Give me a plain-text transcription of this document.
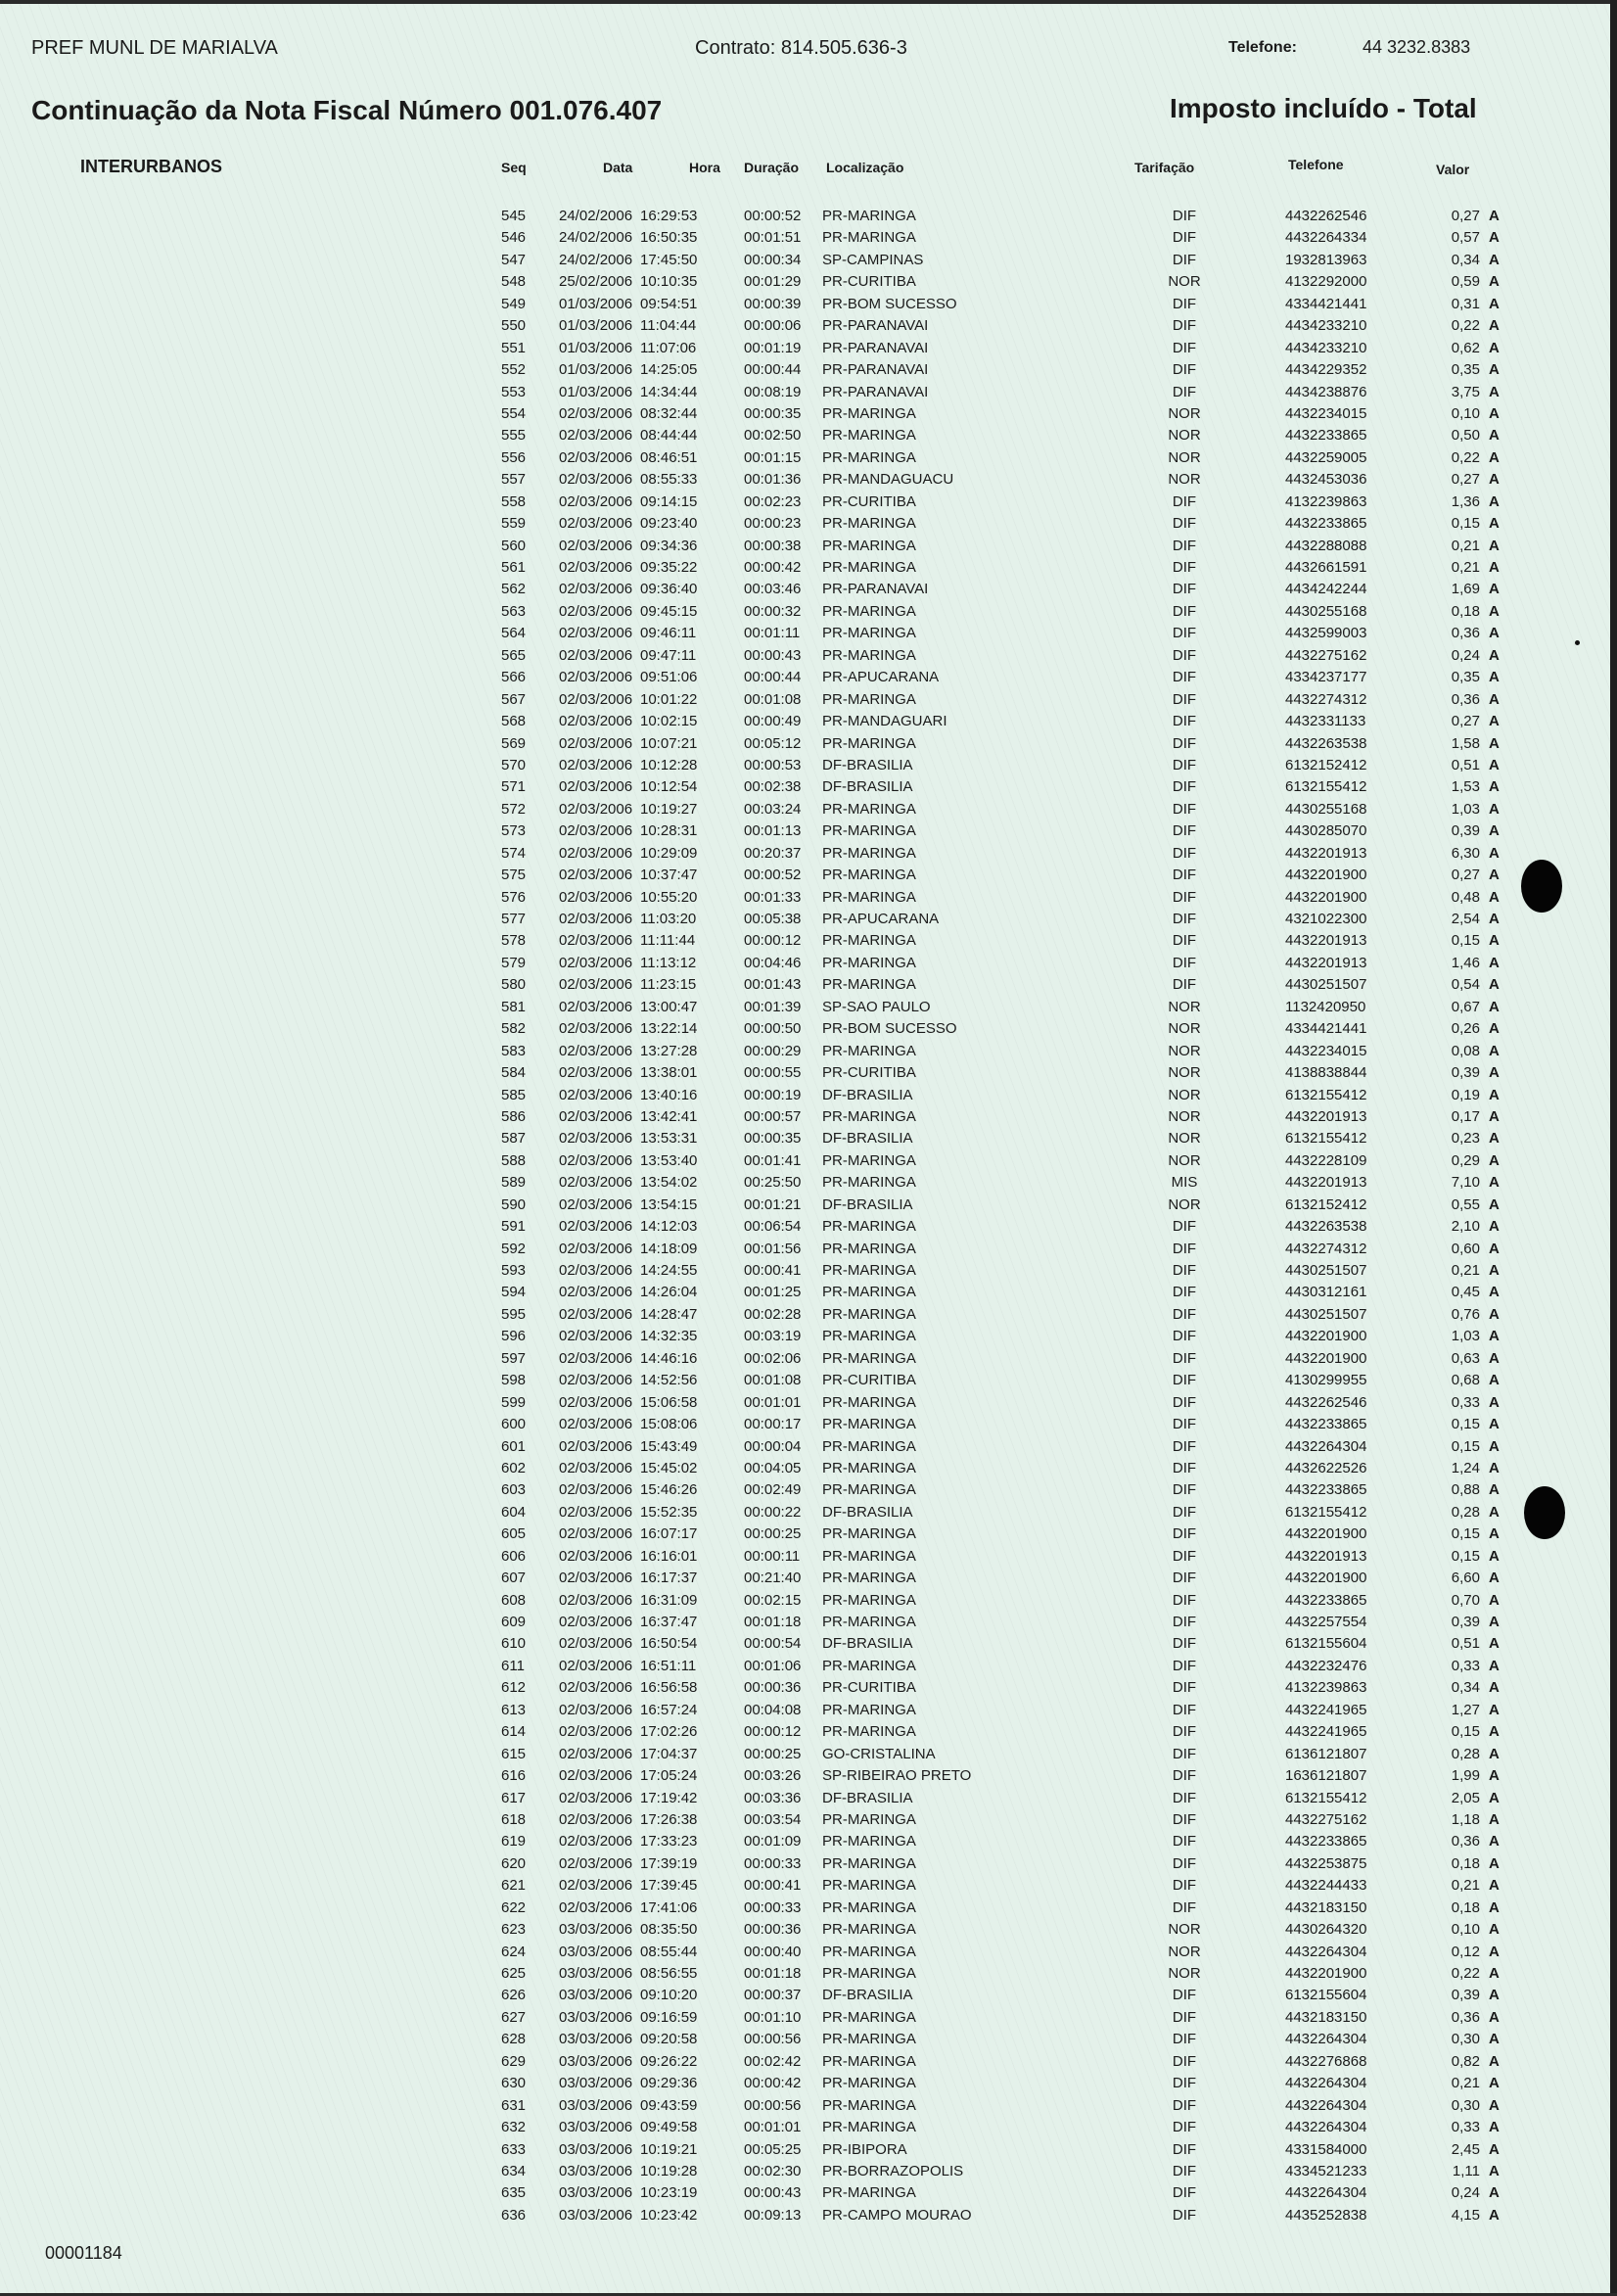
PREF MUNL DE MARIALVA	Contrato: 814.505.636-3	Telefone:	44 3232.8383
Continuação da Nota Fiscal Número 001.076.407	Imposto incluído - Total
INTERURBANOS	Seq	Data	Hora Duração Localização	Tarifação	Telefone	Valor
545 24/02/2006 16:29:53	00:00:52 PR-MARINGA	DIF	4432262546	0,27 A
546 24/02/2006 16:50:35	00:01:51 PR-MARINGA	DIF	4432264334	0,57 A
547 24/02/2006 17:45:50	00:00:34 SP-CAMPINAS	DIF	1932813963	0,34 A
548 25/02/2006 10:10:35	00:01:29 PR-CURITIBA	NOR	4132292000	0,59 A
549 01/03/2006 09:54:51	00:00:39 PR-BOM SUCESSO	DIF	4334421441	0,31 A
550 01/03/2006 11:04:44	00:00:06 PR-PARANAVAI	DIF	4434233210	0,22 A
551 01/03/2006 11:07:06	00:01:19 PR-PARANAVAI	DIF	4434233210	0,62 A
552 01/03/2006 14:25:05	00:00:44 PR-PARANAVAI	DIF	4434229352	0,35 A
553 01/03/2006 14:34:44	00:08:19 PR-PARANAVAI	DIF	4434238876	3,75 A
554 02/03/2006 08:32:44	00:00:35 PR-MARINGA	NOR	4432234015	0,10 A
555 02/03/2006 08:44:44	00:02:50 PR-MARINGA	NOR	4432233865	0,50 A
556 02/03/2006 08:46:51	00:01:15 PR-MARINGA	NOR	4432259005	0,22 A
557 02/03/2006 08:55:33	00:01:36 PR-MANDAGUACU	NOR	4432453036	0,27 A
558 02/03/2006 09:14:15	00:02:23 PR-CURITIBA	DIF	4132239863	1,36 A
559 02/03/2006 09:23:40	00:00:23 PR-MARINGA	DIF	4432233865	0,15 A
560 02/03/2006 09:34:36	00:00:38 PR-MARINGA	DIF	4432288088	0,21 A
561 02/03/2006 09:35:22	00:00:42 PR-MARINGA	DIF	4432661591	0,21 A
562 02/03/2006 09:36:40	00:03:46 PR-PARANAVAI	DIF	4434242244	1,69 A
563 02/03/2006 09:45:15	00:00:32 PR-MARINGA	DIF	4430255168	0,18 A
564 02/03/2006 09:46:11	00:01:11 PR-MARINGA	DIF	4432599003	0,36 A
565 02/03/2006 09:47:11	00:00:43 PR-MARINGA	DIF	4432275162	0,24 A
566 02/03/2006 09:51:06	00:00:44 PR-APUCARANA	DIF	4334237177	0,35 A
567 02/03/2006 10:01:22	00:01:08 PR-MARINGA	DIF	4432274312	0,36 A
568 02/03/2006 10:02:15	00:00:49 PR-MANDAGUARI	DIF	4432331133	0,27 A
569 02/03/2006 10:07:21	00:05:12 PR-MARINGA	DIF	4432263538	1,58 A
570 02/03/2006 10:12:28	00:00:53 DF-BRASILIA	DIF	6132152412	0,51 A
571 02/03/2006 10:12:54	00:02:38 DF-BRASILIA	DIF	6132155412	1,53 A
572 02/03/2006 10:19:27	00:03:24 PR-MARINGA	DIF	4430255168	1,03 A
573 02/03/2006 10:28:31	00:01:13 PR-MARINGA	DIF	4430285070	0,39 A
574 02/03/2006 10:29:09	00:20:37 PR-MARINGA	DIF	4432201913	6,30 A
575 02/03/2006 10:37:47	00:00:52 PR-MARINGA	DIF	4432201900	0,27 A
576 02/03/2006 10:55:20	00:01:33 PR-MARINGA	DIF	4432201900	0,48 A
577 02/03/2006 11:03:20	00:05:38 PR-APUCARANA	DIF	4321022300	2,54 A
578 02/03/2006 11:11:44	00:00:12 PR-MARINGA	DIF	4432201913	0,15 A
579 02/03/2006 11:13:12	00:04:46 PR-MARINGA	DIF	4432201913	1,46 A
580 02/03/2006 11:23:15	00:01:43 PR-MARINGA	DIF	4430251507	0,54 A
581 02/03/2006 13:00:47	00:01:39 SP-SAO PAULO	NOR	1132420950	0,67 A
582 02/03/2006 13:22:14	00:00:50 PR-BOM SUCESSO	NOR	4334421441	0,26 A
583 02/03/2006 13:27:28	00:00:29 PR-MARINGA	NOR	4432234015	0,08 A
584 02/03/2006 13:38:01	00:00:55 PR-CURITIBA	NOR	4138838844	0,39 A
585 02/03/2006 13:40:16	00:00:19 DF-BRASILIA	NOR	6132155412	0,19 A
586 02/03/2006 13:42:41	00:00:57 PR-MARINGA	NOR	4432201913	0,17 A
587 02/03/2006 13:53:31	00:00:35 DF-BRASILIA	NOR	6132155412	0,23 A
588 02/03/2006 13:53:40	00:01:41 PR-MARINGA	NOR	4432228109	0,29 A
589 02/03/2006 13:54:02	00:25:50 PR-MARINGA	MIS	4432201913	7,10 A
590 02/03/2006 13:54:15	00:01:21 DF-BRASILIA	NOR	6132152412	0,55 A
591 02/03/2006 14:12:03	00:06:54 PR-MARINGA	DIF	4432263538	2,10 A
592 02/03/2006 14:18:09	00:01:56 PR-MARINGA	DIF	4432274312	0,60 A
593 02/03/2006 14:24:55	00:00:41 PR-MARINGA	DIF	4430251507	0,21 A
594 02/03/2006 14:26:04	00:01:25 PR-MARINGA	DIF	4430312161	0,45 A
595 02/03/2006 14:28:47	00:02:28 PR-MARINGA	DIF	4430251507	0,76 A
596 02/03/2006 14:32:35	00:03:19 PR-MARINGA	DIF	4432201900	1,03 A
597 02/03/2006 14:46:16	00:02:06 PR-MARINGA	DIF	4432201900	0,63 A
598 02/03/2006 14:52:56	00:01:08 PR-CURITIBA	DIF	4130299955	0,68 A
599 02/03/2006 15:06:58	00:01:01 PR-MARINGA	DIF	4432262546	0,33 A
600 02/03/2006 15:08:06	00:00:17 PR-MARINGA	DIF	4432233865	0,15 A
601 02/03/2006 15:43:49	00:00:04 PR-MARINGA	DIF	4432264304	0,15 A
602 02/03/2006 15:45:02	00:04:05 PR-MARINGA	DIF	4432622526	1,24 A
603 02/03/2006 15:46:26	00:02:49 PR-MARINGA	DIF	4432233865	0,88 A
604 02/03/2006 15:52:35	00:00:22 DF-BRASILIA	DIF	6132155412	0,28 A
605 02/03/2006 16:07:17	00:00:25 PR-MARINGA	DIF	4432201900	0,15 A
606 02/03/2006 16:16:01	00:00:11 PR-MARINGA	DIF	4432201913	0,15 A
607 02/03/2006 16:17:37	00:21:40 PR-MARINGA	DIF	4432201900	6,60 A
608 02/03/2006 16:31:09	00:02:15 PR-MARINGA	DIF	4432233865	0,70 A
609 02/03/2006 16:37:47	00:01:18 PR-MARINGA	DIF	4432257554	0,39 A
610 02/03/2006 16:50:54	00:00:54 DF-BRASILIA	DIF	6132155604	0,51 A
611 02/03/2006 16:51:11	00:01:06 PR-MARINGA	DIF	4432232476	0,33 A
612 02/03/2006 16:56:58	00:00:36 PR-CURITIBA	DIF	4132239863	0,34 A
613 02/03/2006 16:57:24	00:04:08 PR-MARINGA	DIF	4432241965	1,27 A
614 02/03/2006 17:02:26	00:00:12 PR-MARINGA	DIF	4432241965	0,15 A
615 02/03/2006 17:04:37	00:00:25 GO-CRISTALINA	DIF	6136121807	0,28 A
616 02/03/2006 17:05:24	00:03:26 SP-RIBEIRAO PRETO	DIF	1636121807	1,99 A
617 02/03/2006 17:19:42	00:03:36 DF-BRASILIA	DIF	6132155412	2,05 A
618 02/03/2006 17:26:38	00:03:54 PR-MARINGA	DIF	4432275162	1,18 A
619 02/03/2006 17:33:23	00:01:09 PR-MARINGA	DIF	4432233865	0,36 A
620 02/03/2006 17:39:19	00:00:33 PR-MARINGA	DIF	4432253875	0,18 A
621 02/03/2006 17:39:45	00:00:41 PR-MARINGA	DIF	4432244433	0,21 A
622 02/03/2006 17:41:06	00:00:33 PR-MARINGA	DIF	4432183150	0,18 A
623 03/03/2006 08:35:50	00:00:36 PR-MARINGA	NOR	4430264320	0,10 A
624 03/03/2006 08:55:44	00:00:40 PR-MARINGA	NOR	4432264304	0,12 A
625 03/03/2006 08:56:55	00:01:18 PR-MARINGA	NOR	4432201900	0,22 A
626 03/03/2006 09:10:20	00:00:37 DF-BRASILIA	DIF	6132155604	0,39 A
627 03/03/2006 09:16:59	00:01:10 PR-MARINGA	DIF	4432183150	0,36 A
628 03/03/2006 09:20:58	00:00:56 PR-MARINGA	DIF	4432264304	0,30 A
629 03/03/2006 09:26:22	00:02:42 PR-MARINGA	DIF	4432276868	0,82 A
630 03/03/2006 09:29:36	00:00:42 PR-MARINGA	DIF	4432264304	0,21 A
631 03/03/2006 09:43:59	00:00:56 PR-MARINGA	DIF	4432264304	0,30 A
632 03/03/2006 09:49:58	00:01:01 PR-MARINGA	DIF	4432264304	0,33 A
633 03/03/2006 10:19:21	00:05:25 PR-IBIPORA	DIF	4331584000	2,45 A
634 03/03/2006 10:19:28	00:02:30 PR-BORRAZOPOLIS	DIF	4334521233	1,11 A
635 03/03/2006 10:23:19	00:00:43 PR-MARINGA	DIF	4432264304	0,24 A
636 03/03/2006 10:23:42	00:09:13 PR-CAMPO MOURAO	DIF	4435252838	4,15 A
00001184
